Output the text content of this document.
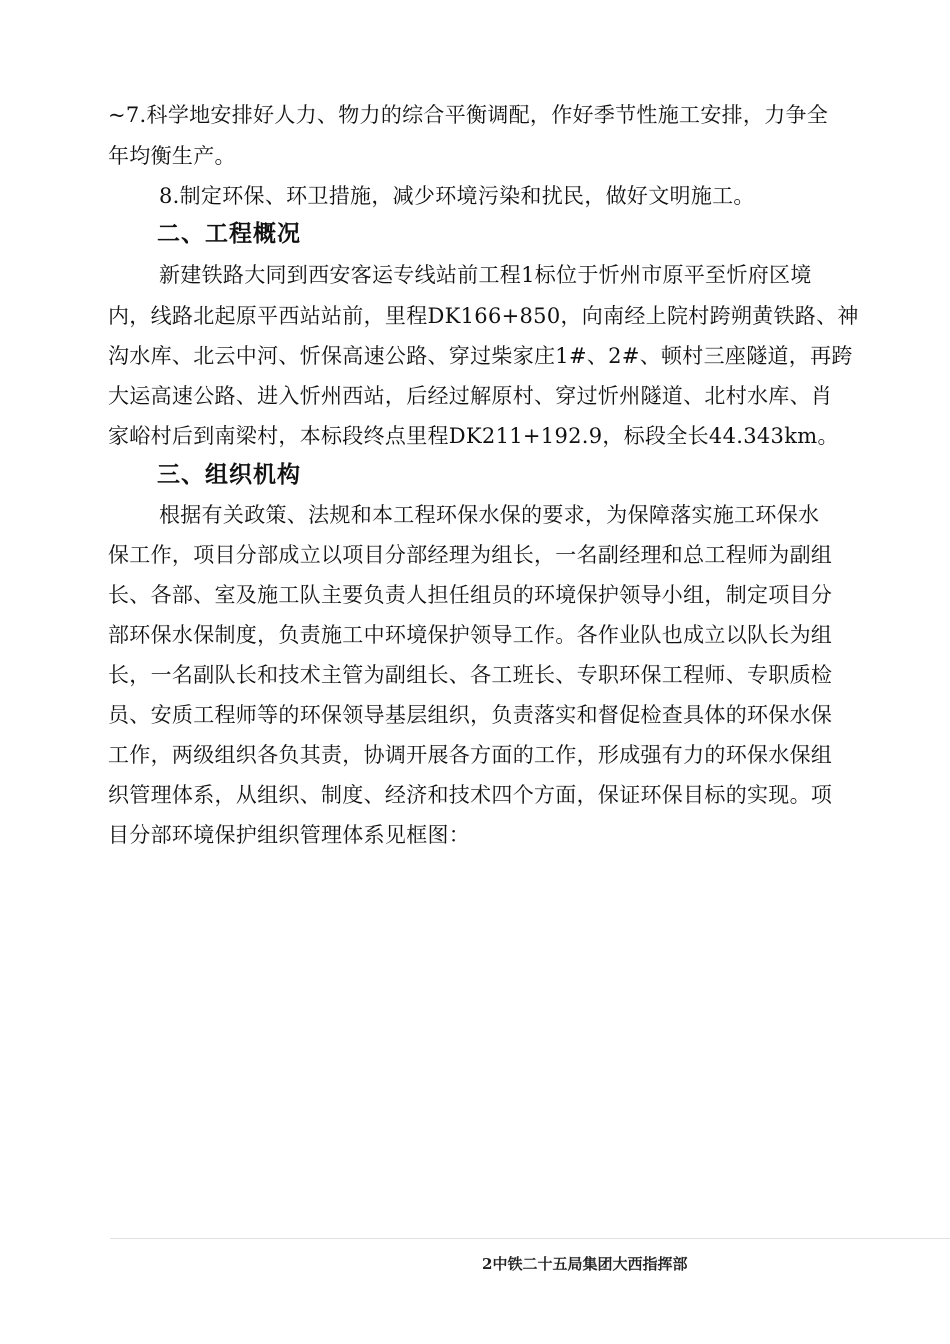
~7.科学地安排好人力、物力的综合平衡调配，作好季节性施工安排，力争全
年均衡生产。
8.制定环保、环卫措施，减少环境污染和扰民，做好文明施工。
二、工程概况
新建铁路大同到西安客运专线站前工程1标位于忻州市原平至忻府区境
内，线路北起原平西站站前，里程DK166+850，向南经上院村跨朔黄铁路、神
沟水库、北云中河、忻保高速公路、穿过柴家庄1#、2#、顿村三座隧道，再跨
大运高速公路、进入忻州西站，后经过解原村、穿过忻州隧道、北村水库、肖
家峪村后到南梁村，本标段终点里程DK211+192.9，标段全长44.343km。
三、组织机构
根据有关政策、法规和本工程环保水保的要求，为保障落实施工环保水
保工作，项目分部成立以项目分部经理为组长，一名副经理和总工程师为副组
长、各部、室及施工队主要负责人担任组员的环境保护领导小组，制定项目分
部环保水保制度，负责施工中环境保护领导工作。各作业队也成立以队长为组
长，一名副队长和技术主管为副组长、各工班长、专职环保工程师、专职质检
员、安质工程师等的环保领导基层组织，负责落实和督促检查具体的环保水保
工作，两级组织各负其责，协调开展各方面的工作，形成强有力的环保水保组
织管理体系，从组织、制度、经济和技术四个方面，保证环保目标的实现。项
目分部环境保护组织管理体系见框图：
2中铁二十五局集团大西指挥部
